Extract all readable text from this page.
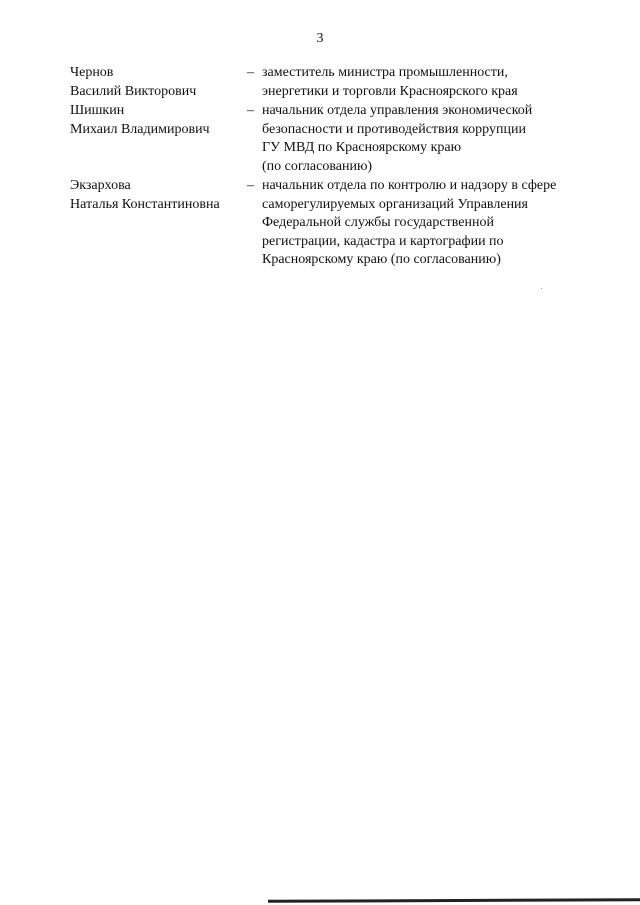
3
Чернов
Василий Викторович
– заместитель министра промышленности,
энергетики и торговли Красноярского края
Шишкин
Михаил Владимирович
– начальник отдела управления экономической
безопасности и противодействия коррупции
ГУ МВД по Красноярскому краю
(по согласованию)
Экзархова
Наталья Константиновна
– начальник отдела по контролю и надзору в сфере
саморегулируемых организаций Управления
Федеральной службы государственной
регистрации, кадастра и картографии по
Красноярскому краю (по согласованию)
